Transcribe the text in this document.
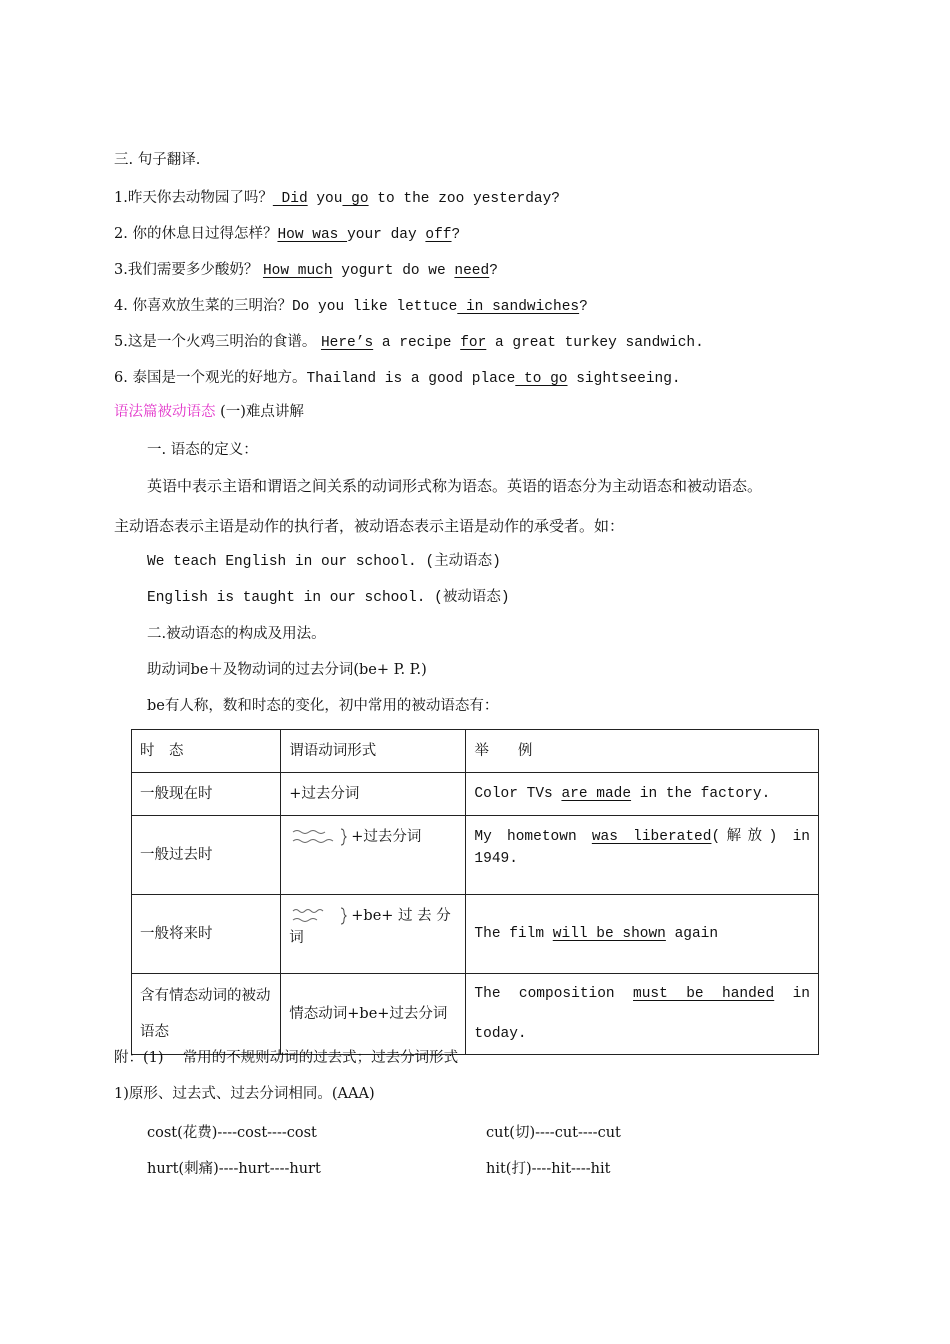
三. 句子翻译.
1.昨天你去动物园了吗？ Did you go to the zoo yesterday?
2. 你的休息日过得怎样？How was your day off?
3.我们需要多少酸奶？ How much yogurt do we need?
4. 你喜欢放生菜的三明治？Do you like lettuce in sandwiches?
5.这是一个火鸡三明治的食谱。 Here’s a recipe for a great turkey sandwich.
6. 泰国是一个观光的好地方。Thailand is a good place to go sightseeing.
语法篇被动语态 (一)难点讲解
一. 语态的定义：
英语中表示主语和谓语之间关系的动词形式称为语态。英语的语态分为主动语态和被动语态。
主动语态表示主语是动作的执行者，被动语态表示主语是动作的承受者。如：
We teach English in our school. (主动语态)
English is taught in our school. (被动语态)
二.被动语态的构成及用法。
助动词be＋及物动词的过去分词(be+ P. P.)
be有人称，数和时态的变化，初中常用的被动语态有：
时　态	谓语动词形式	举　　例
一般现在时	+过去分词	Color TVs are made in the factory.
一般过去时	+过去分词	My hometown was liberated(解放) in 1949.
一般将来时	+be+ 过 去 分词	The film will be shown again
含有情态动词的被动语态	情态动词+be+过去分词	The composition must be handed in today.
附：(1)　 常用的不规则动词的过去式；过去分词形式
1)原形、过去式、过去分词相同。(AAA)
cost(花费)----cost----cost	cut(切)----cut----cut
hurt(刺痛)----hurt----hurt	hit(打)----hit----hit
